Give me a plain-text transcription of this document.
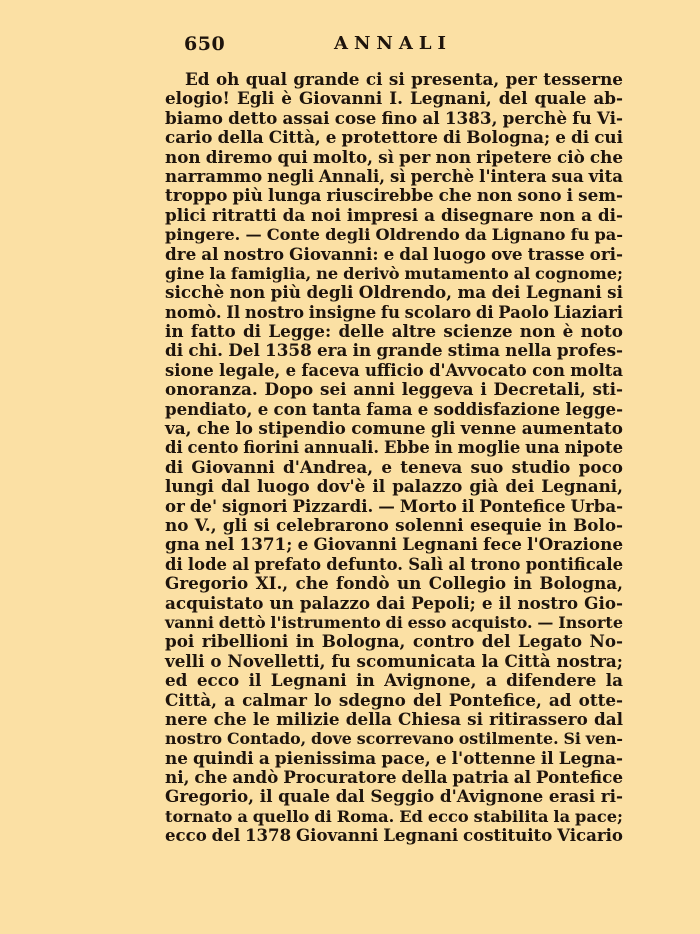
650	ANNALI
Ed oh qual grande ci si presenta, per tesserne
elogio! Egli è Giovanni I. Legnani, del quale ab-
biamo detto assai cose fino al 1383, perchè fu Vi-
cario della Città, e protettore di Bologna; e di cui
non diremo qui molto, sì per non ripetere ciò che
narrammo negli Annali, sì perchè l'intera sua vita
troppo più lunga riuscirebbe che non sono i sem-
plici ritratti da noi impresi a disegnare non a di-
pingere. — Conte degli Oldrendo da Lignano fu pa-
dre al nostro Giovanni: e dal luogo ove trasse ori-
gine la famiglia, ne derivò mutamento al cognome;
sicchè non più degli Oldrendo, ma dei Legnani si
nomò. Il nostro insigne fu scolaro di Paolo Liaziari
in fatto di Legge: delle altre scienze non è noto
di chi. Del 1358 era in grande stima nella profes-
sione legale, e faceva ufficio d'Avvocato con molta
onoranza. Dopo sei anni leggeva i Decretali, sti-
pendiato, e con tanta fama e soddisfazione legge-
va, che lo stipendio comune gli venne aumentato
di cento fiorini annuali. Ebbe in moglie una nipote
di Giovanni d'Andrea, e teneva suo studio poco
lungi dal luogo dov'è il palazzo già dei Legnani,
or de' signori Pizzardi. — Morto il Pontefice Urba-
no V., gli si celebrarono solenni esequie in Bolo-
gna nel 1371; e Giovanni Legnani fece l'Orazione
di lode al prefato defunto. Salì al trono pontificale
Gregorio XI., che fondò un Collegio in Bologna,
acquistato un palazzo dai Pepoli; e il nostro Gio-
vanni dettò l'istrumento di esso acquisto. — Insorte
poi ribellioni in Bologna, contro del Legato No-
velli o Novelletti, fu scomunicata la Città nostra;
ed ecco il Legnani in Avignone, a difendere la
Città, a calmar lo sdegno del Pontefice, ad otte-
nere che le milizie della Chiesa si ritirassero dal
nostro Contado, dove scorrevano ostilmente. Si ven-
ne quindi a pienissima pace, e l'ottenne il Legna-
ni, che andò Procuratore della patria al Pontefice
Gregorio, il quale dal Seggio d'Avignone erasi ri-
tornato a quello di Roma. Ed ecco stabilita la pace;
ecco del 1378 Giovanni Legnani costituito Vicario
